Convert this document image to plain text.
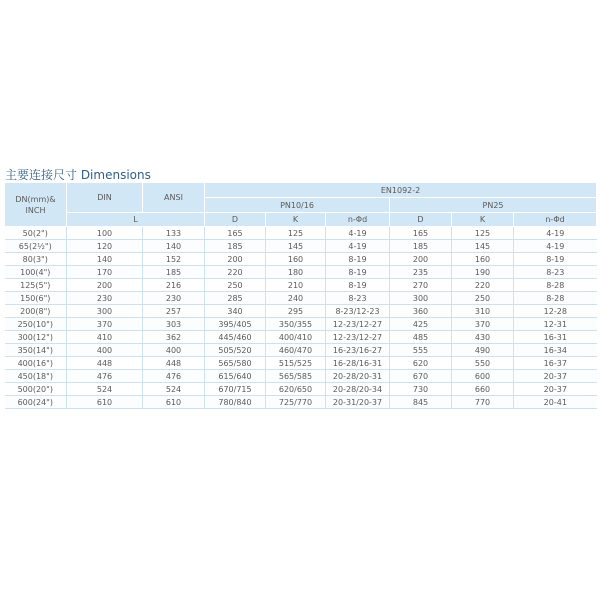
主要连接尺寸 Dimensions
DN(mm)&
INCH	DIN	ANSI	EN1092-2					
			PN10/16			PN25		
	L		D	K	n-Φd	D	K	n-Φd
50(2")	100	133	165	125	4-19	165	125	4-19
65(2½")	120	140	185	145	4-19	185	145	4-19
80(3")	140	152	200	160	8-19	200	160	8-19
100(4")	170	185	220	180	8-19	235	190	8-23
125(5")	200	216	250	210	8-19	270	220	8-28
150(6")	230	230	285	240	8-23	300	250	8-28
200(8")	300	257	340	295	8-23/12-23	360	310	12-28
250(10")	370	303	395/405	350/355	12-23/12-27	425	370	12-31
300(12")	410	362	445/460	400/410	12-23/12-27	485	430	16-31
350(14")	400	400	505/520	460/470	16-23/16-27	555	490	16-34
400(16")	448	448	565/580	515/525	16-28/16-31	620	550	16-37
450(18")	476	476	615/640	565/585	20-28/20-31	670	600	20-37
500(20")	524	524	670/715	620/650	20-28/20-34	730	660	20-37
600(24")	610	610	780/840	725/770	20-31/20-37	845	770	20-41
